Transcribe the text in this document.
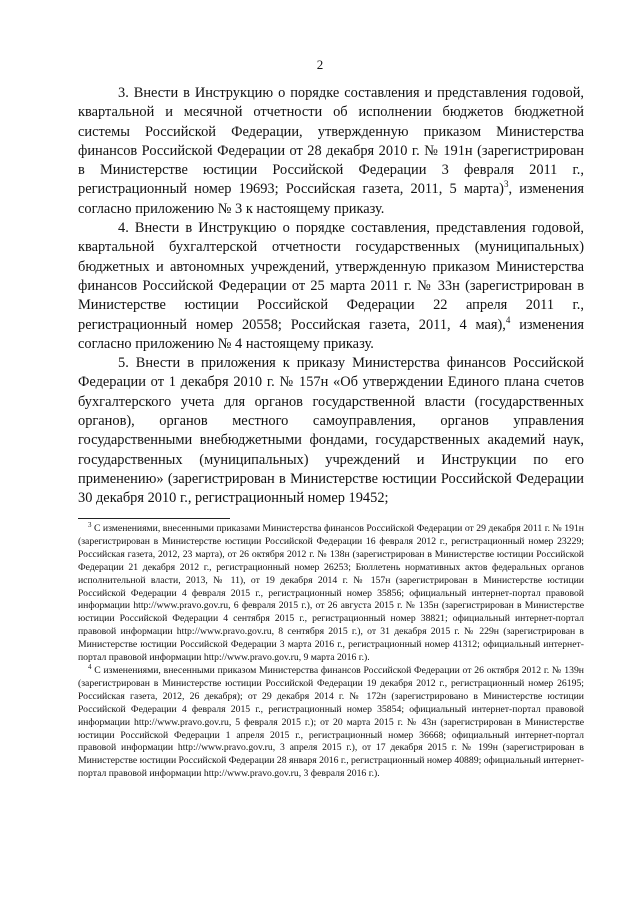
2

3. Внести в Инструкцию о порядке составления и представления годовой, квартальной и месячной отчетности об исполнении бюджетов бюджетной системы Российской Федерации, утвержденную приказом Министерства финансов Российской Федерации от 28 декабря 2010 г. № 191н (зарегистрирован в Министерстве юстиции Российской Федерации 3 февраля 2011 г., регистрационный номер 19693; Российская газета, 2011, 5 марта)$^3$, изменения согласно приложению № 3 к настоящему приказу.

4. Внести в Инструкцию о порядке составления, представления годовой, квартальной бухгалтерской отчетности государственных (муниципальных) бюджетных и автономных учреждений, утвержденную приказом Министерства финансов Российской Федерации от 25 марта 2011 г. № 33н (зарегистрирован в Министерстве юстиции Российской Федерации 22 апреля 2011 г., регистрационный номер 20558; Российская газета, 2011, 4 мая),$^4$ изменения согласно приложению № 4 настоящему приказу.

5. Внести в приложения к приказу Министерства финансов Российской Федерации от 1 декабря 2010 г. № 157н «Об утверждении Единого плана счетов бухгалтерского учета для органов государственной власти (государственных органов), органов местного самоуправления, органов управления государственными внебюджетными фондами, государственных академий наук, государственных (муниципальных) учреждений и Инструкции по его применению» (зарегистрирован в Министерстве юстиции Российской Федерации 30 декабря 2010 г., регистрационный номер 19452;

$^3$ С изменениями, внесенными приказами Министерства финансов Российской Федерации от 29 декабря 2011 г. № 191н (зарегистрирован в Министерстве юстиции Российской Федерации 16 февраля 2012 г., регистрационный номер 23229; Российская газета, 2012, 23 марта), от 26 октября 2012 г. № 138н (зарегистрирован в Министерстве юстиции Российской Федерации 21 декабря 2012 г., регистрационный номер 26253; Бюллетень нормативных актов федеральных органов исполнительной власти, 2013, № 11), от 19 декабря 2014 г. № 157н (зарегистрирован в Министерстве юстиции Российской Федерации 4 февраля 2015 г., регистрационный номер 35856; официальный интернет-портал правовой информации http://www.pravo.gov.ru, 6 февраля 2015 г.), от 26 августа 2015 г. № 135н (зарегистрирован в Министерстве юстиции Российской Федерации 4 сентября 2015 г., регистрационный номер 38821; официальный интернет-портал правовой информации http://www.pravo.gov.ru, 8 сентября 2015 г.), от 31 декабря 2015 г. № 229н (зарегистрирован в Министерстве юстиции Российской Федерации 3 марта 2016 г., регистрационный номер 41312; официальный интернет-портал правовой информации http://www.pravo.gov.ru, 9 марта 2016 г.).

$^4$ С изменениями, внесенными приказом Министерства финансов Российской Федерации от 26 октября 2012 г. № 139н (зарегистрирован в Министерстве юстиции Российской Федерации 19 декабря 2012 г., регистрационный номер 26195; Российская газета, 2012, 26 декабря); от 29 декабря 2014 г. № 172н (зарегистрировано в Министерстве юстиции Российской Федерации 4 февраля 2015 г., регистрационный номер 35854; официальный интернет-портал правовой информации http://www.pravo.gov.ru, 5 февраля 2015 г.); от 20 марта 2015 г. № 43н (зарегистрирован в Министерстве юстиции Российской Федерации 1 апреля 2015 г., регистрационный номер 36668; официальный интернет-портал правовой информации http://www.pravo.gov.ru, 3 апреля 2015 г.), от 17 декабря 2015 г. № 199н (зарегистрирован в Министерстве юстиции Российской Федерации 28 января 2016 г., регистрационный номер 40889; официальный интернет-портал правовой информации http://www.pravo.gov.ru, 3 февраля 2016 г.).
